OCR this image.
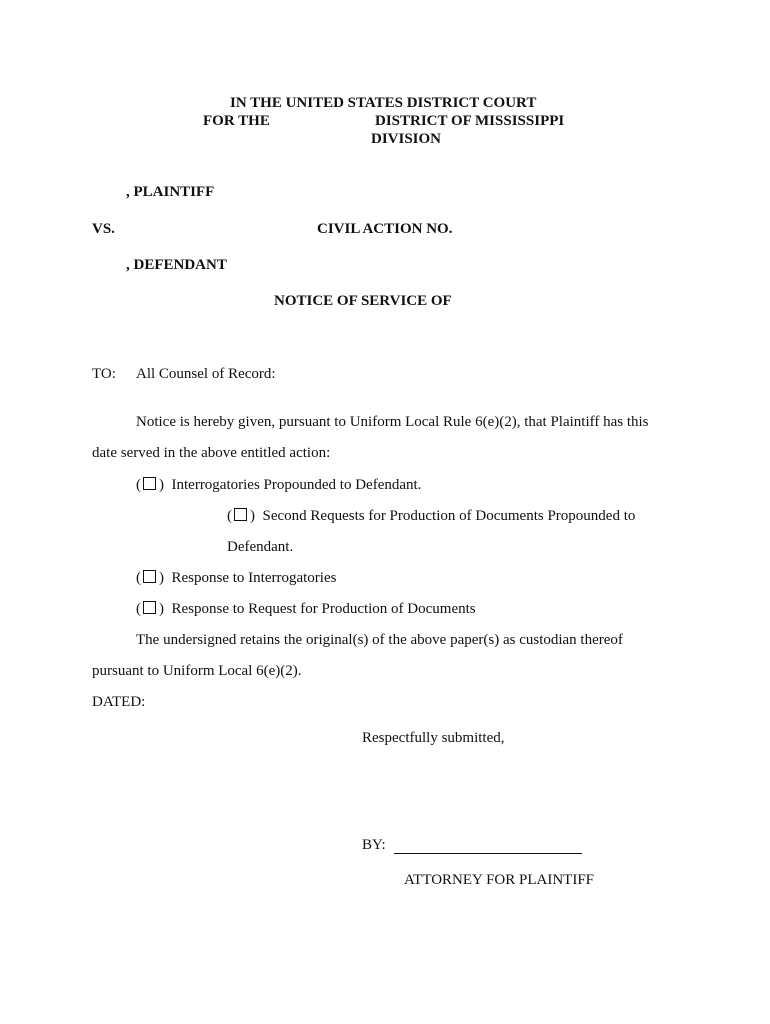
IN THE UNITED STATES DISTRICT COURT
FOR THE	DISTRICT OF MISSISSIPPI
DIVISION
, PLAINTIFF
VS.	CIVIL ACTION NO.
, DEFENDANT
NOTICE OF SERVICE OF
TO: All Counsel of Record:
Notice is hereby given, pursuant to Uniform Local Rule 6(e)(2), that Plaintiff has this
date served in the above entitled action:
( )  Interrogatories Propounded to Defendant.
( )  Second Requests for Production of Documents Propounded to
Defendant.
( )  Response to Interrogatories
( )  Response to Request for Production of Documents
The undersigned retains the original(s) of the above paper(s) as custodian thereof
pursuant to Uniform Local 6(e)(2).
DATED:
Respectfully submitted,
BY:
ATTORNEY FOR PLAINTIFF
